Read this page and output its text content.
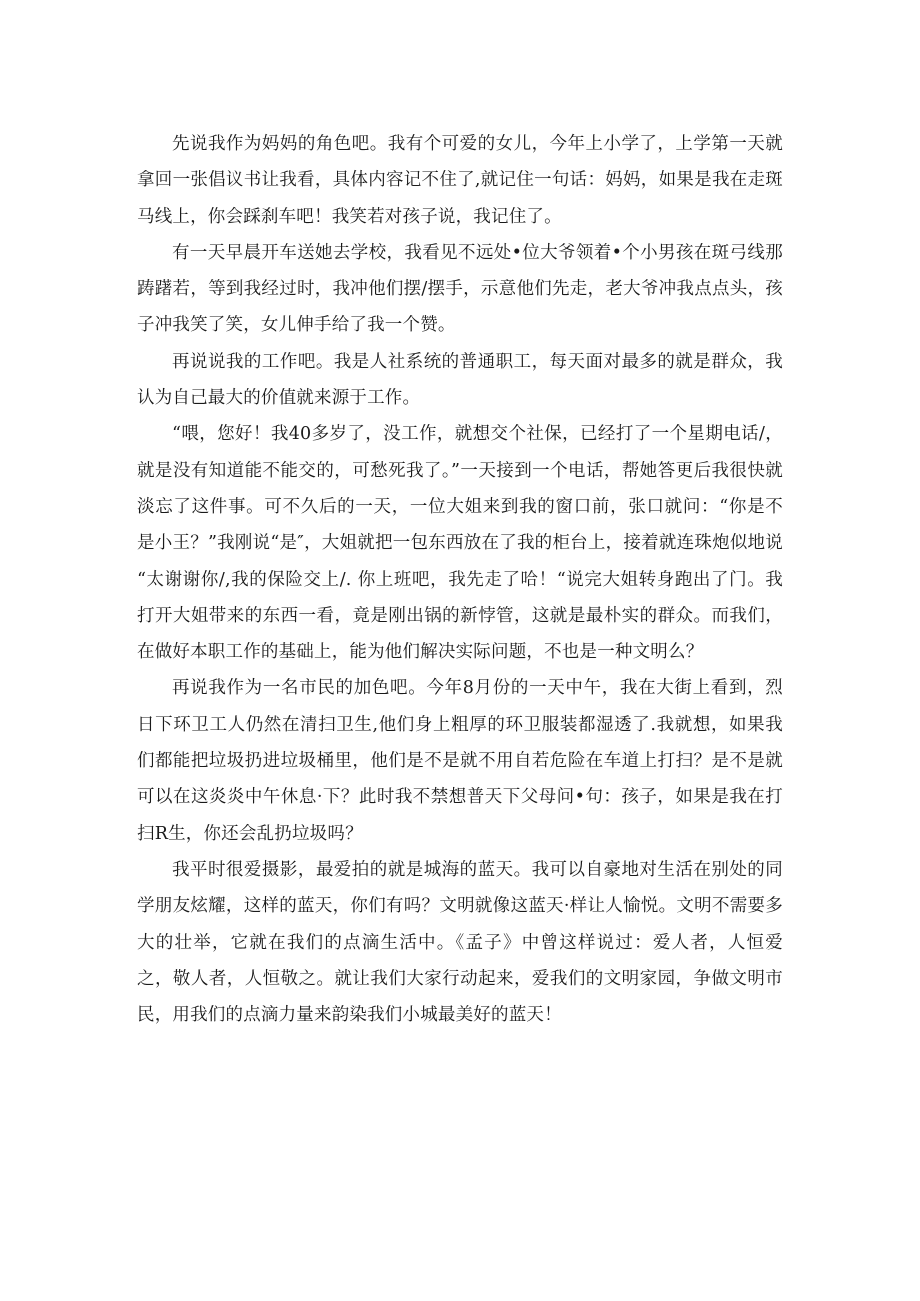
先说我作为妈妈的角色吧。我有个可爱的女儿，今年上小学了，上学第一天就拿回一张倡议书让我看，具体内容记不住了,就记住一句话：妈妈，如果是我在走斑马线上，你会踩刹车吧！我笑若对孩子说，我记住了。

有一天早晨开车送她去学校，我看见不远处•位大爷领着•个小男孩在斑弓线那踌躇若，等到我经过时，我冲他们摆/摆手，示意他们先走，老大爷冲我点点头，孩子冲我笑了笑，女儿伸手给了我一个赞。

再说说我的工作吧。我是人社系统的普通职工，每天面对最多的就是群众，我认为自己最大的价值就来源于工作。

“喂，您好！我40多岁了，没工作，就想交个社保，已经打了一个星期电话/，就是没有知道能不能交的，可愁死我了。”一天接到一个电话，帮她答更后我很快就淡忘了这件事。可不久后的一天，一位大姐来到我的窗口前，张口就问：“你是不是小王？”我刚说“是″，大姐就把一包东西放在了我的柜台上，接着就连珠炮似地说 “太谢谢你/,我的保险交上/. 你上班吧，我先走了哈！“说完大姐转身跑出了门。我打开大姐带来的东西一看，竟是刚出锅的新悖管，这就是最朴实的群众。而我们，在做好本职工作的基础上，能为他们解决实际问题，不也是一种文明么？

再说我作为一名市民的加色吧。今年8月份的一天中午，我在大街上看到，烈日下环卫工人仍然在清扫卫生,他们身上粗厚的环卫服装都湿透了.我就想，如果我们都能把垃圾扔进垃圾桶里，他们是不是就不用自若危险在车道上打扫？是不是就可以在这炎炎中午休息·下？此时我不禁想普天下父母问•句：孩子，如果是我在打扫R生，你还会乱扔垃圾吗？

我平时很爱摄影，最爱拍的就是城海的蓝天。我可以自豪地对生活在别处的同学朋友炫耀，这样的蓝天，你们有吗？文明就像这蓝天·样让人愉悦。文明不需要多大的壮举，它就在我们的点滴生活中。《孟子》中曾这样说过：爱人者，人恒爱之，敬人者，人恒敬之。就让我们大家行动起来，爱我们的文明家园，争做文明市民，用我们的点滴力量来韵染我们小城最美好的蓝天！
